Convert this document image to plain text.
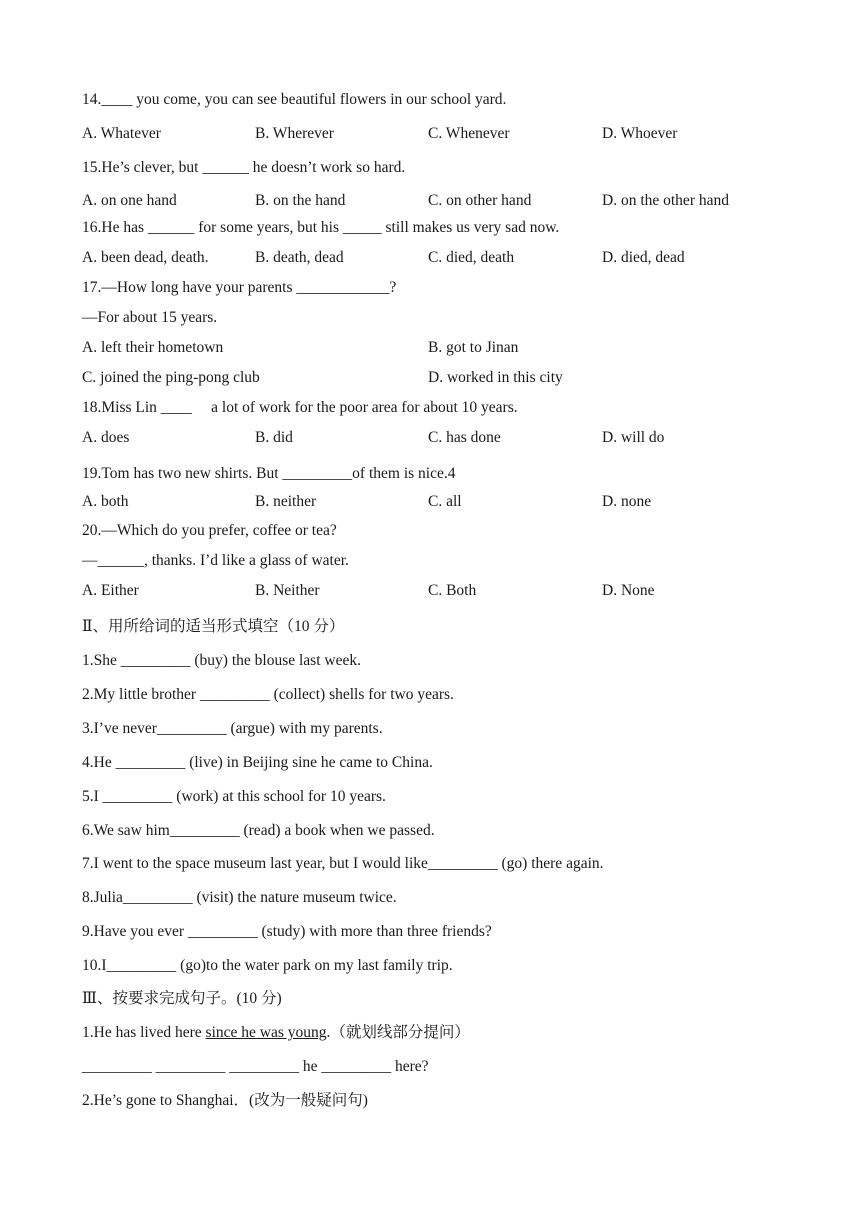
14.____ you come, you can see beautiful flowers in our school yard.
A. Whatever	B. Wherever	C. Whenever	D. Whoever
15.He’s clever, but ______ he doesn’t work so hard.
A. on one hand	B. on the hand	C. on other hand	D. on the other hand
16.He has ______ for some years, but his _____ still makes us very sad now.
A. been dead, death.	B. death, dead	C. died, death	D. died, dead
17.—How long have your parents ____________?
—For about 15 years.
A. left their hometown	B. got to Jinan
C. joined the ping-pong club	D. worked in this city
18.Miss Lin ____     a lot of work for the poor area for about 10 years.
A. does	B. did	C. has done	D. will do
19.Tom has two new shirts. But _________of them is nice.4
A. both	B. neither	C. all	D. none
20.—Which do you prefer, coffee or tea?
—______, thanks. I’d like a glass of water.
A. Either	B. Neither	C. Both	D. None
Ⅱ、用所给词的适当形式填空（10 分）
1.She _________ (buy) the blouse last week.
2.My little brother _________ (collect) shells for two years.
3.I’ve never_________ (argue) with my parents.
4.He _________ (live) in Beijing sine he came to China.
5.I _________ (work) at this school for 10 years.
6.We saw him_________ (read) a book when we passed.
7.I went to the space museum last year, but I would like_________ (go) there again.
8.Julia_________ (visit) the nature museum twice.
9.Have you ever _________ (study) with more than three friends?
10.I_________ (go)to the water park on my last family trip.
Ⅲ、按要求完成句子。(10 分)
1.He has lived here since he was young.（就划线部分提问）
_________ _________ _________ he _________ here?
2.He’s gone to Shanghai．(改为一般疑问句)
